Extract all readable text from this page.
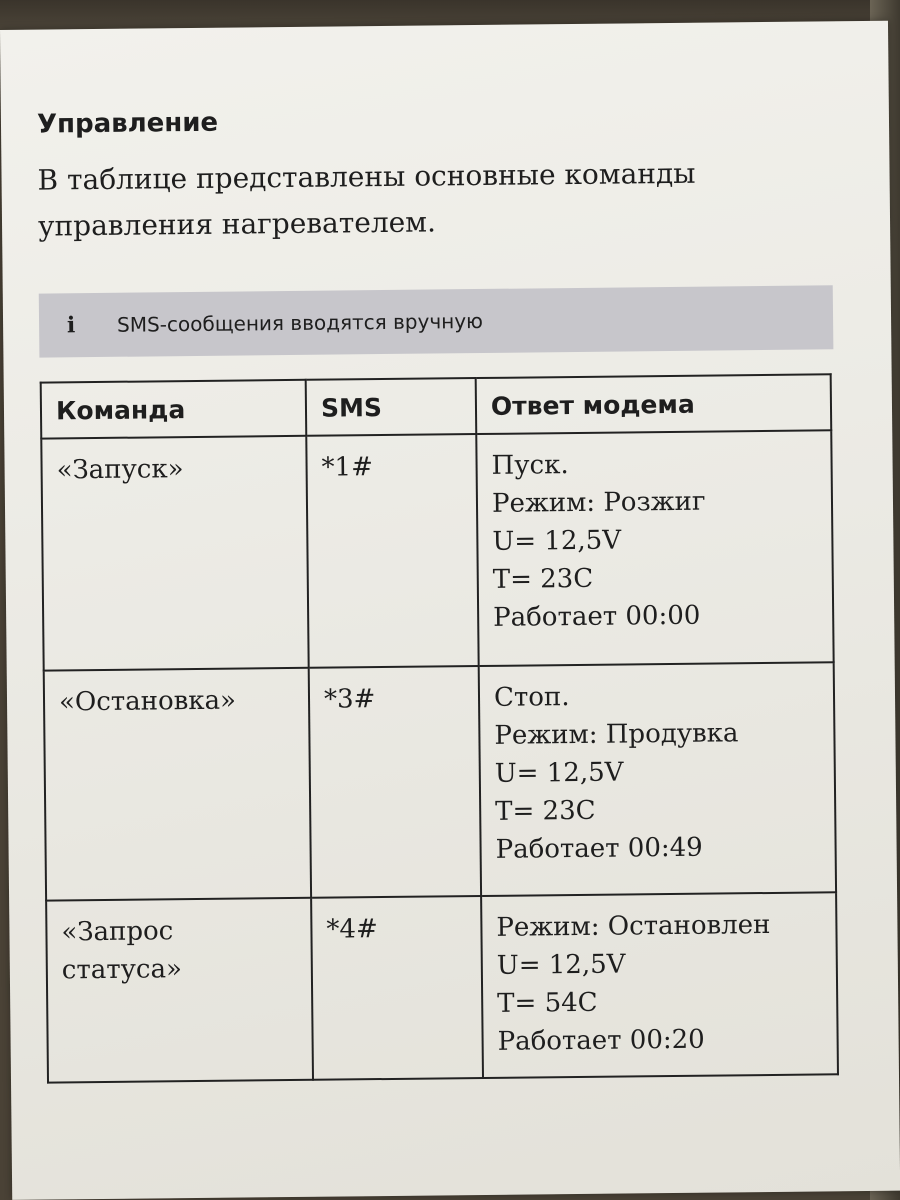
Управление

В таблице представлены основные команды управления нагревателем.

i	SMS-сообщения вводятся вручную
Команда	SMS	Ответ модема
«Запуск»	*1#	Пуск.
Режим: Розжиг
U= 12,5V
T= 23C
Работает 00:00

«Остановка»	*3#	Стоп.
Режим: Продувка
U= 12,5V
T= 23C
Работает 00:49

«Запрос статуса»	*4#	Режим: Остановлен
U= 12,5V
T= 54C
Работает 00:20
